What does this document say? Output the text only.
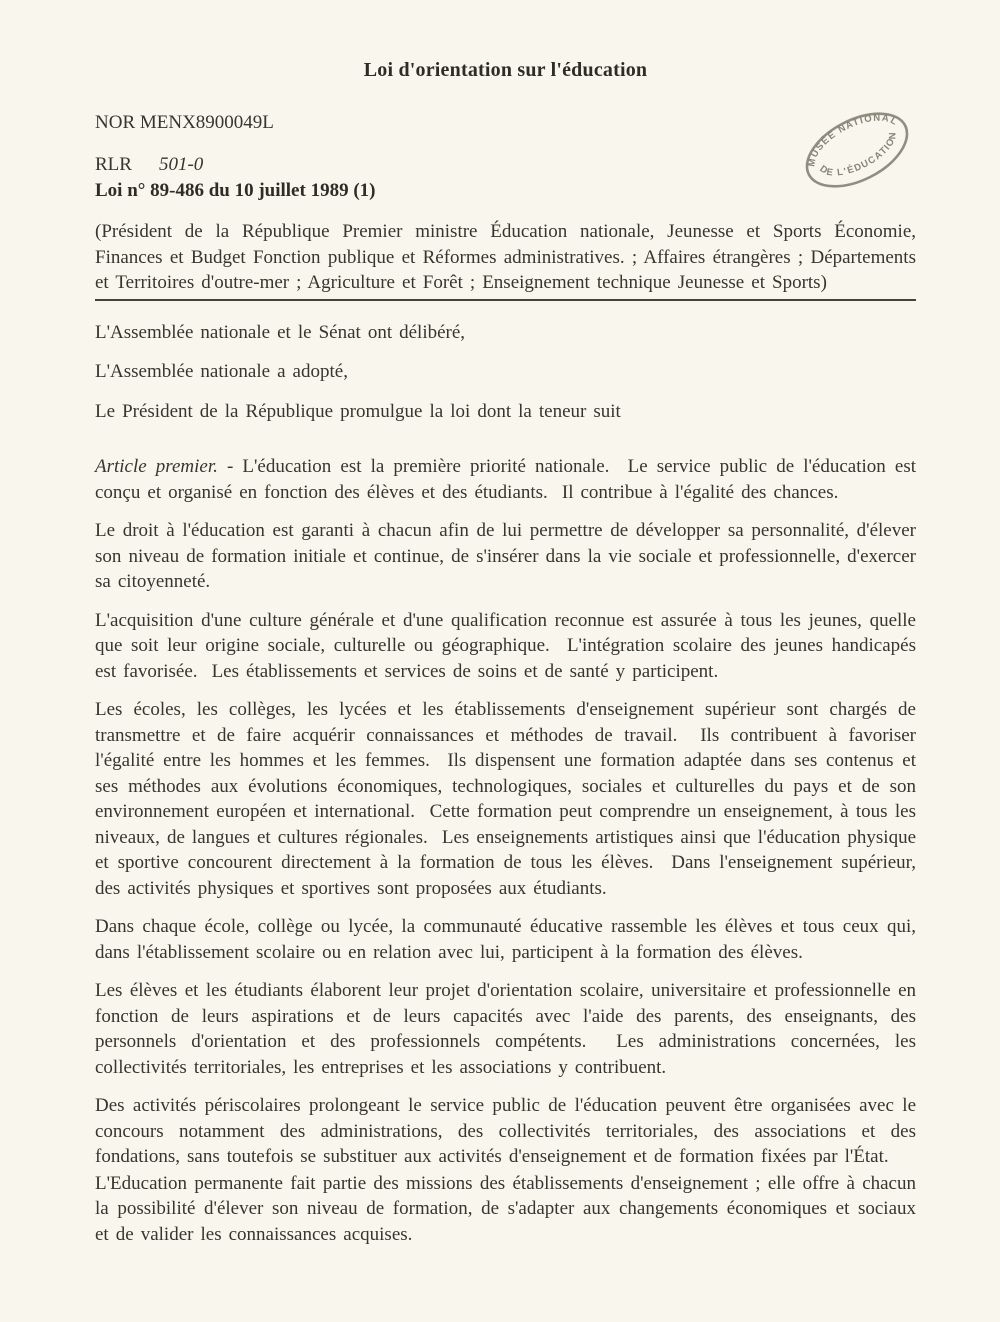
Loi d'orientation sur l'éducation
NOR MENX8900049L
RLR 501-0
Loi n° 89-486 du 10 juillet 1989 (1)

(Président de la République Premier ministre Éducation nationale, Jeunesse et Sports Économie, Finances et Budget Fonction publique et Réformes administratives. ; Affaires étrangères ; Départements et Territoires d'outre-mer ; Agriculture et Forêt ; Enseignement technique Jeunesse et Sports)

L'Assemblée nationale et le Sénat ont délibéré,

L'Assemblée nationale a adopté,

Le Président de la République promulgue la loi dont la teneur suit

Article premier. - L'éducation est la première priorité nationale.  Le service public de l'éducation est conçu et organisé en fonction des élèves et des étudiants.  Il contribue à l'égalité des chances.

Le droit à l'éducation est garanti à chacun afin de lui permettre de développer sa personnalité, d'élever son niveau de formation initiale et continue, de s'insérer dans la vie sociale et professionnelle, d'exercer sa citoyenneté.

L'acquisition d'une culture générale et d'une qualification reconnue est assurée à tous les jeunes, quelle que soit leur origine sociale, culturelle ou géographique.  L'intégration scolaire des jeunes handicapés est favorisée.  Les établissements et services de soins et de santé y participent.

Les écoles, les collèges, les lycées et les établissements d'enseignement supérieur sont chargés de transmettre et de faire acquérir connaissances et méthodes de travail.  Ils contribuent à favoriser l'égalité entre les hommes et les femmes.  Ils dispensent une formation adaptée dans ses contenus et ses méthodes aux évolutions économiques, technologiques, sociales et culturelles du pays et de son environnement européen et international.  Cette formation peut comprendre un enseignement, à tous les niveaux, de langues et cultures régionales.  Les enseignements artistiques ainsi que l'éducation physique et sportive concourent directement à la formation de tous les élèves.  Dans l'enseignement supérieur, des activités physiques et sportives sont proposées aux étudiants.

Dans chaque école, collège ou lycée, la communauté éducative rassemble les élèves et tous ceux qui, dans l'établissement scolaire ou en relation avec lui, participent à la formation des élèves.

Les élèves et les étudiants élaborent leur projet d'orientation scolaire, universitaire et professionnelle en fonction de leurs aspirations et de leurs capacités avec l'aide des parents, des enseignants, des personnels d'orientation et des professionnels compétents.  Les administrations concernées, les collectivités territoriales, les entreprises et les associations y contribuent.

Des activités périscolaires prolongeant le service public de l'éducation peuvent être organisées avec le concours notamment des administrations, des collectivités territoriales, des associations et des fondations, sans toutefois se substituer aux activités d'enseignement et de formation fixées par l'État.

L'Education permanente fait partie des missions des établissements d'enseignement ; elle offre à chacun la possibilité d'élever son niveau de formation, de s'adapter aux changements économiques et sociaux et de valider les connaissances acquises.

MUSÉE NATIONAL
DE L'ÉDUCATION
